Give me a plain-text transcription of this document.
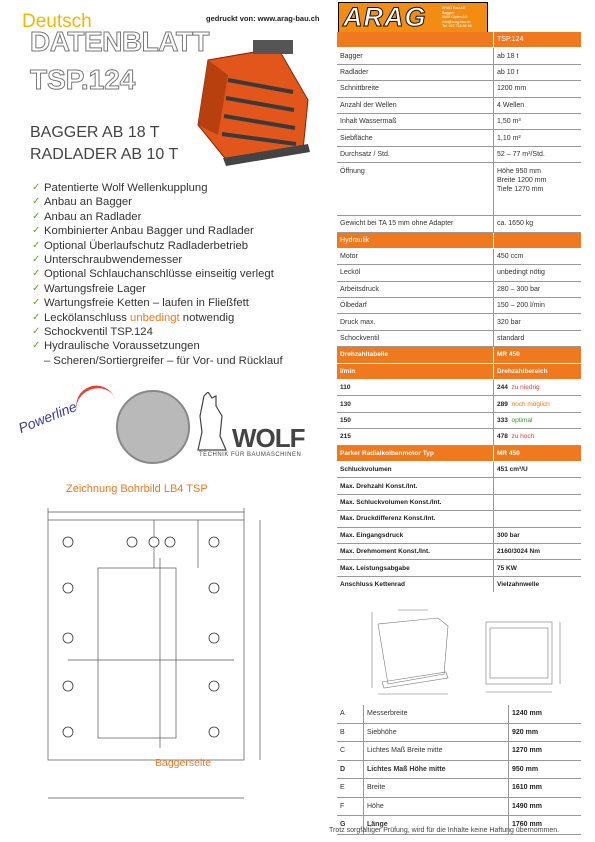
Deutsch	gedruckt von: www.arag-bau.ch ARAG	ARAG Bau AG
Baggen
8608 Gipfen AG
info@arag-bau.ch
Tel. 062 716 88 88
DATENBLATT
TSP.124
BAGGER AB 18 T
RADLADER AB 10 T
✓ Patentierte Wolf Wellenkupplung
✓ Anbau an Bagger
✓ Anbau an Radlader
✓ Kombinierter Anbau Bagger und Radlader
✓ Optional Überlaufschutz Radladerbetrieb
✓ Unterschraubwendemesser
✓ Optional Schlauchanschlüsse einseitig verlegt
✓ Wartungsfreie Lager
✓ Wartungsfreie Ketten – laufen in Fließfett
✓ Leckölanschluss unbedingt notwendig
✓ Schockventil TSP.124
✓ Hydraulische Voraussetzungen
– Scheren/Sortiergreifer – für Vor- und Rücklauf
Powerline
WOLF
TECHNIK FÜR BAUMASCHINEN
Zeichnung Bohrbild LB4 TSP
Baggerseite
	TSP.124
Bagger	ab 18 t
Radlader	ab 10 t
Schnittbreite	1200 mm
Anzahl der Wellen	4 Wellen
Inhalt Wassermaß	1,50 m³
Siebfläche	1,10 m²
Durchsatz / Std.	52 – 77 m³/Std.
Öffnung	Höhe 950 mm
Breite 1200 mm
Tiefe 1270 mm

Gewicht bei TA 15 mm ohne Adapter	ca. 1650 kg
Hydraulik	
Motor	450 ccm
Lecköl	unbedingt nötig
Arbeitsdruck	280 – 300 bar
Ölbedarf	150 – 200 l/min
Druck max.	320 bar
Schockventil	standard
Drehzahltabelle	MR 450
l/min	Drehzahlbereich
110	244 zu niedrig
130	289 noch möglich
150	333 optimal
215	478 zu hoch
Parker Radialkolbenmotor Typ	MR 450
Schluckvolumen	451 cm³/U
Max. Drehzahl Konst./Int.	
Max. Schluckvolumen Konst./Int.	
Max. Druckdifferenz Konst./Int.	
Max. Eingangsdruck	300 bar
Max. Drehmoment Konst./Int.	2160/3024 Nm
Max. Leistungsabgabe	75 KW
Anschluss Kettenrad	Vielzahnwelle
A	Messerbreite	1240 mm
B	Siebhöhe	920 mm
C	Lichtes Maß Breite mitte	1270 mm
D	Lichtes Maß Höhe mitte	950 mm
E	Breite	1610 mm
F	Höhe	1490 mm
G	Länge	1760 mm
Trotz sorgfältiger Prüfung, wird für die Inhalte keine Haftung übernommen.
